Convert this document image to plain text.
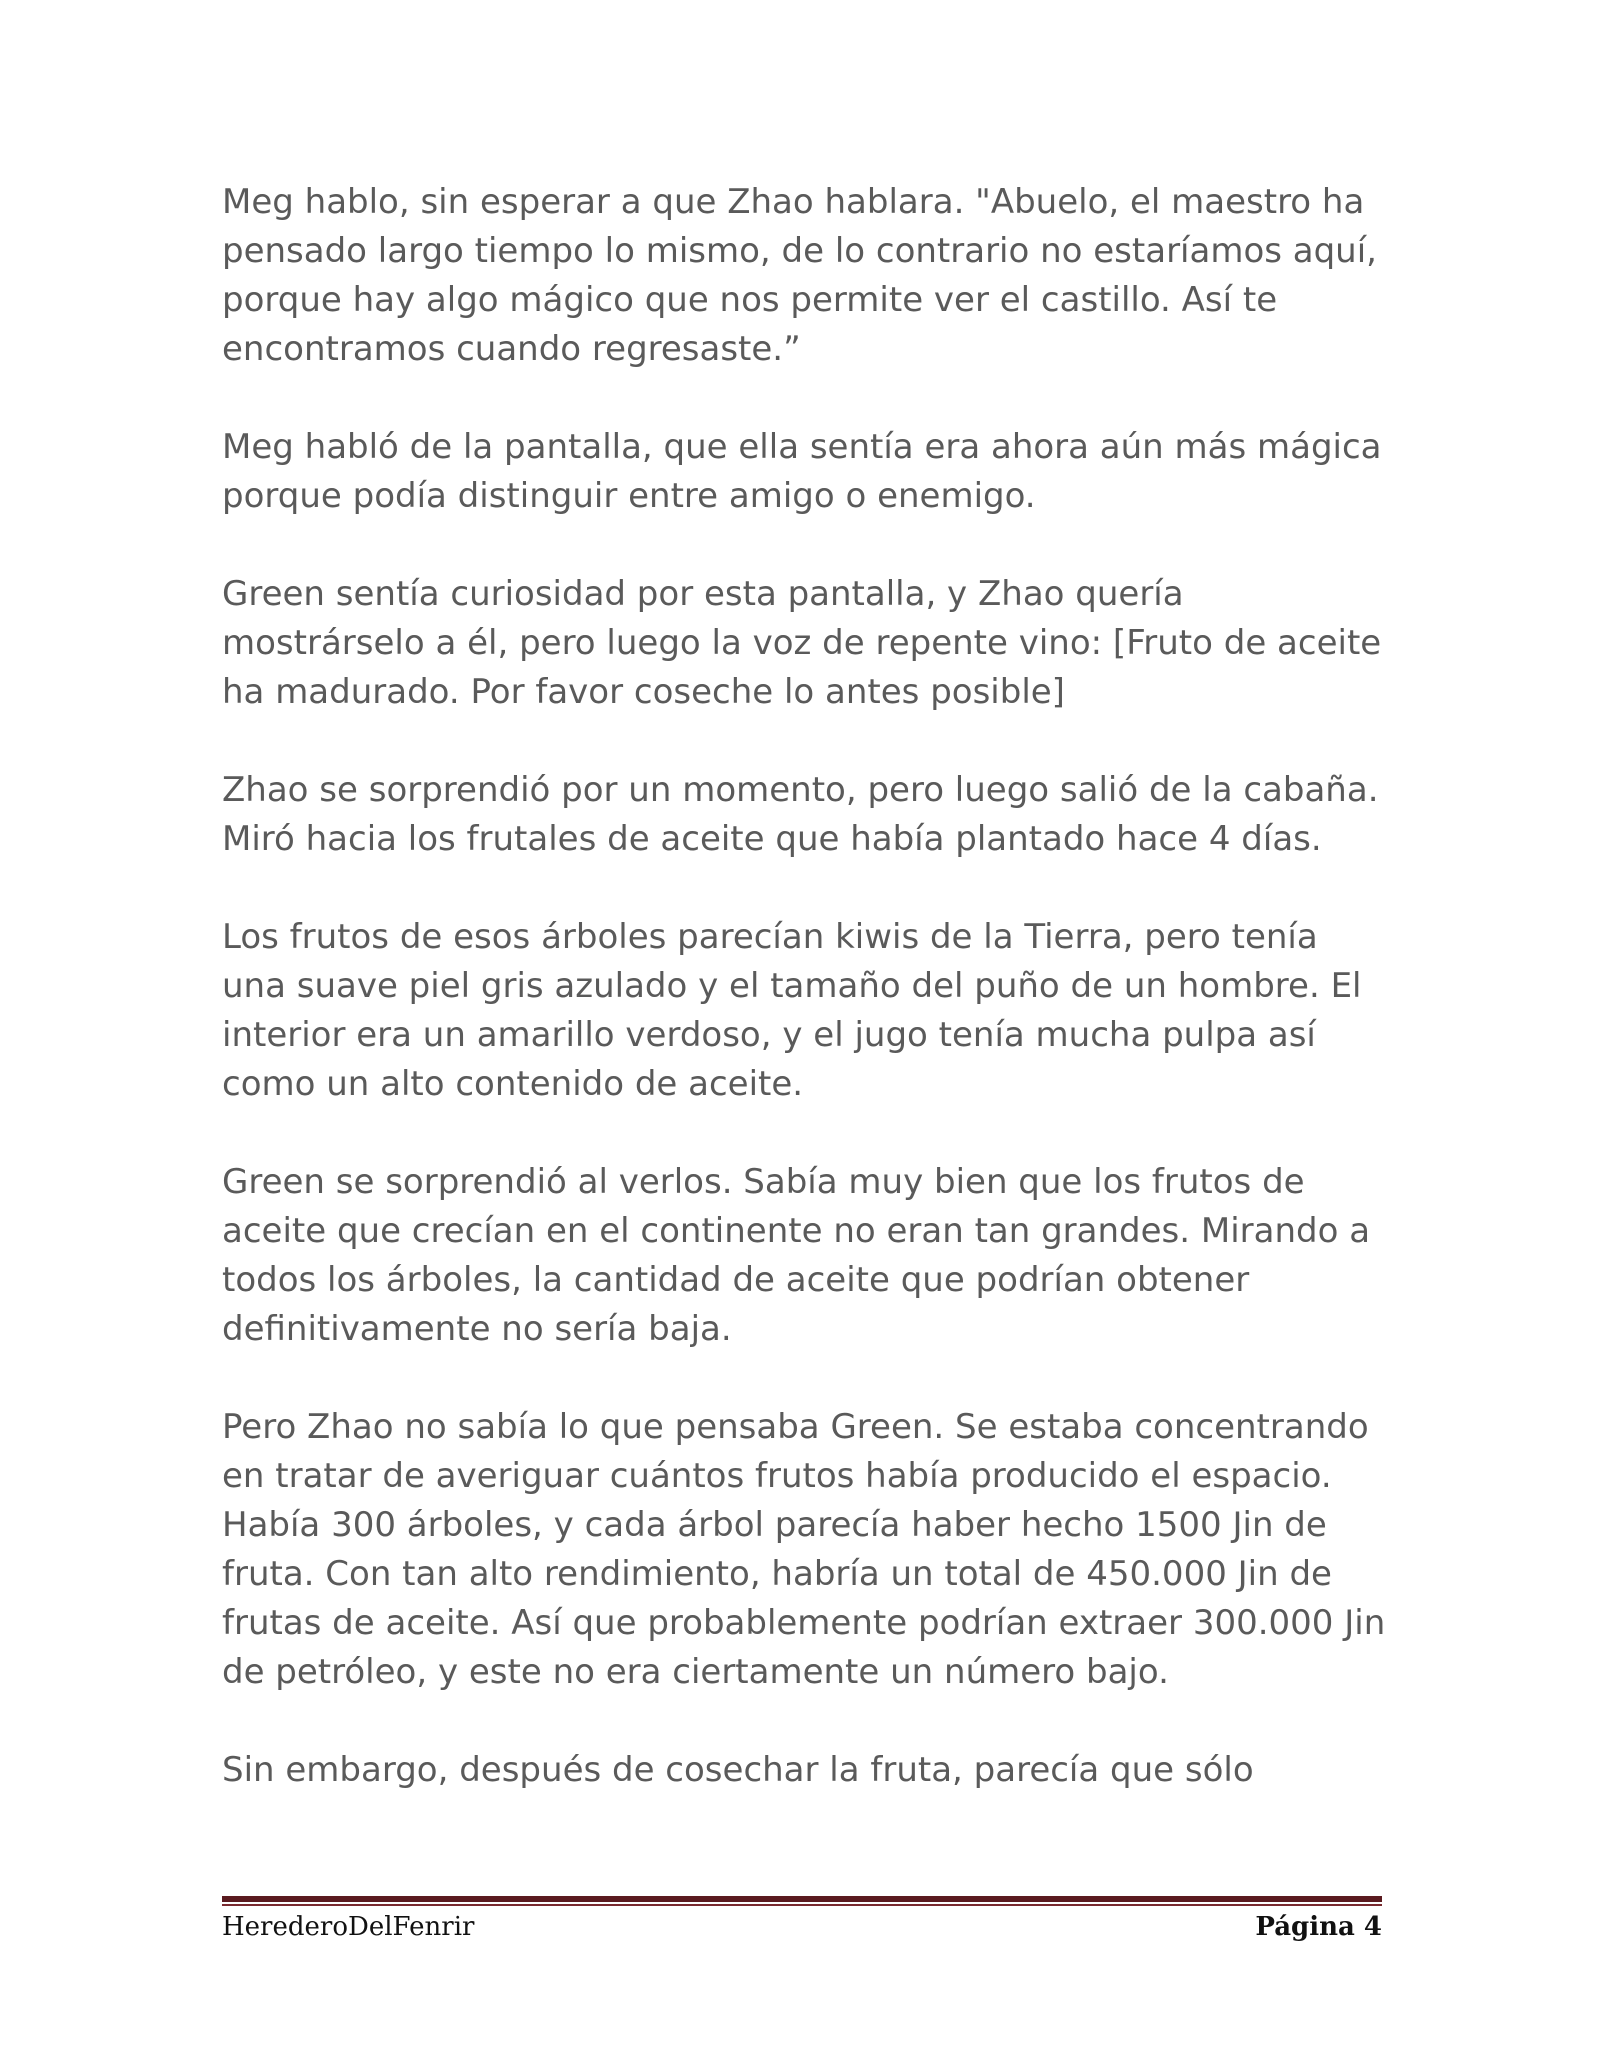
Meg hablo, sin esperar a que Zhao hablara. "Abuelo, el maestro ha pensado largo tiempo lo mismo, de lo contrario no estaríamos aquí, porque hay algo mágico que nos permite ver el castillo. Así te encontramos cuando regresaste.”

Meg habló de la pantalla, que ella sentía era ahora aún más mágica porque podía distinguir entre amigo o enemigo.

Green sentía curiosidad por esta pantalla, y Zhao quería mostrárselo a él, pero luego la voz de repente vino: [Fruto de aceite ha madurado. Por favor coseche lo antes posible]

Zhao se sorprendió por un momento, pero luego salió de la cabaña. Miró hacia los frutales de aceite que había plantado hace 4 días.

Los frutos de esos árboles parecían kiwis de la Tierra, pero tenía una suave piel gris azulado y el tamaño del puño de un hombre. El interior era un amarillo verdoso, y el jugo tenía mucha pulpa así como un alto contenido de aceite.

Green se sorprendió al verlos. Sabía muy bien que los frutos de aceite que crecían en el continente no eran tan grandes. Mirando a todos los árboles, la cantidad de aceite que podrían obtener definitivamente no sería baja.

Pero Zhao no sabía lo que pensaba Green. Se estaba concentrando en tratar de averiguar cuántos frutos había producido el espacio. Había 300 árboles, y cada árbol parecía haber hecho 1500 Jin de fruta. Con tan alto rendimiento, habría un total de 450.000 Jin de frutas de aceite. Así que probablemente podrían extraer 300.000 Jin de petróleo, y este no era ciertamente un número bajo.

Sin embargo, después de cosechar la fruta, parecía que sólo

HerederoDelFenrir	Página 4
